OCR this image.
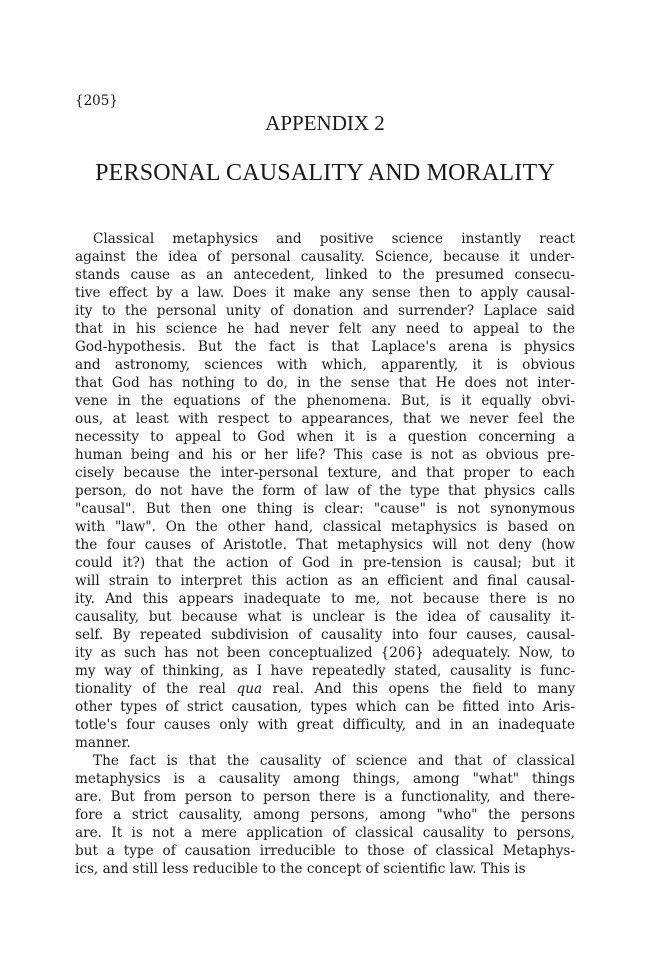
{205}
APPENDIX 2
PERSONAL CAUSALITY AND MORALITY
Classical metaphysics and positive science instantly react
against the idea of personal causality. Science, because it under-
stands cause as an antecedent, linked to the presumed consecu-
tive effect by a law. Does it make any sense then to apply causal-
ity to the personal unity of donation and surrender? Laplace said
that in his science he had never felt any need to appeal to the
God-hypothesis. But the fact is that Laplace's arena is physics
and astronomy, sciences with which, apparently, it is obvious
that God has nothing to do, in the sense that He does not inter-
vene in the equations of the phenomena. But, is it equally obvi-
ous, at least with respect to appearances, that we never feel the
necessity to appeal to God when it is a question concerning a
human being and his or her life? This case is not as obvious pre-
cisely because the inter-personal texture, and that proper to each
person, do not have the form of law of the type that physics calls
"causal". But then one thing is clear: "cause" is not synonymous
with "law". On the other hand, classical metaphysics is based on
the four causes of Aristotle. That metaphysics will not deny (how
could it?) that the action of God in pre-tension is causal; but it
will strain to interpret this action as an efficient and final causal-
ity. And this appears inadequate to me, not because there is no
causality, but because what is unclear is the idea of causality it-
self. By repeated subdivision of causality into four causes, causal-
ity as such has not been conceptualized {206} adequately. Now, to
my way of thinking, as I have repeatedly stated, causality is func-
tionality of the real qua real. And this opens the field to many
other types of strict causation, types which can be fitted into Aris-
totle's four causes only with great difficulty, and in an inadequate
manner.
The fact is that the causality of science and that of classical
metaphysics is a causality among things, among "what" things
are. But from person to person there is a functionality, and there-
fore a strict causality, among persons, among "who" the persons
are. It is not a mere application of classical causality to persons,
but a type of causation irreducible to those of classical Metaphys-
ics, and still less reducible to the concept of scientific law. This is
